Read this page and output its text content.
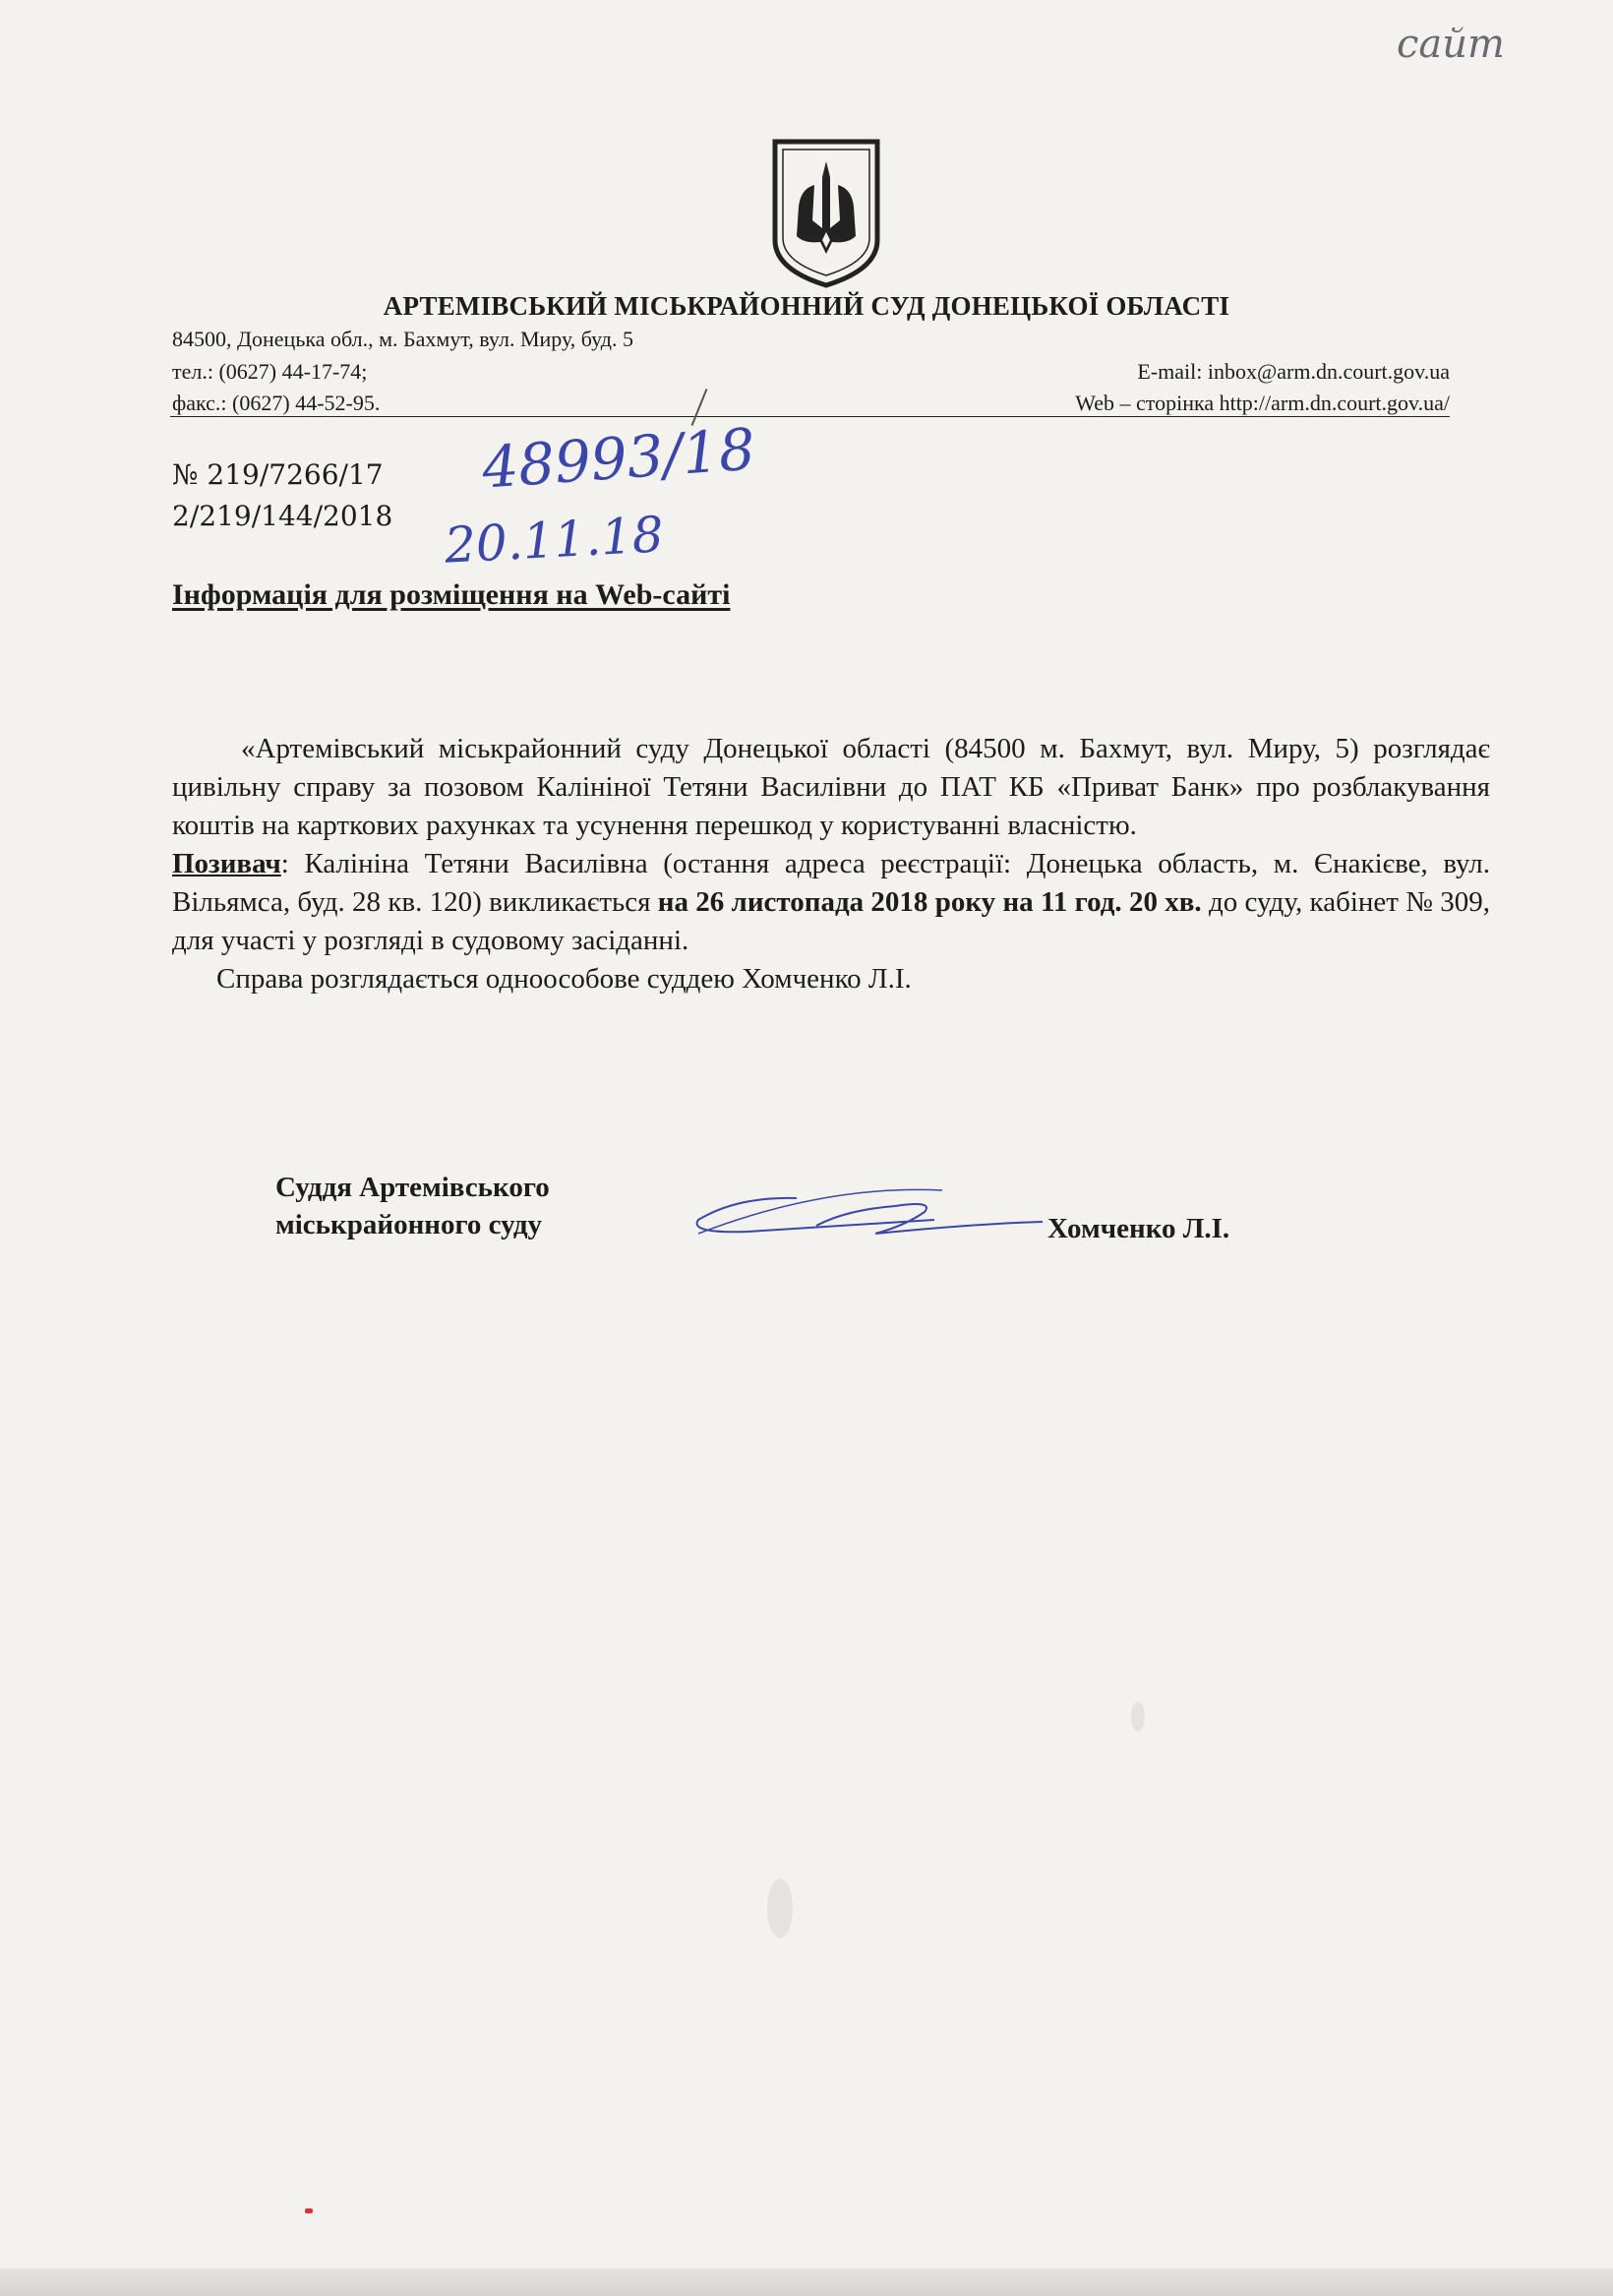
сайт
АРТЕМІВСЬКИЙ МІСЬКРАЙОННИЙ СУД ДОНЕЦЬКОЇ ОБЛАСТІ
84500, Донецька обл., м. Бахмут, вул. Миру, буд. 5
тел.: (0627) 44-17-74;
факс.: (0627) 44-52-95.
E-mail: inbox@arm.dn.court.gov.ua
Web – сторінка http://arm.dn.court.gov.ua/
№ 219/7266/17
2/219/144/2018
48993/18
20.11.18
Інформація для розміщення на Web-сайті

«Артемівський міськрайонний суду Донецької області (84500 м. Бахмут, вул. Миру, 5) розглядає цивільну справу за позовом Калініної Тетяни Василівни до ПАТ КБ «Приват Банк» про розблакування коштів на карткових рахунках та усунення перешкод у користуванні власністю.

Позивач: Калініна Тетяни Василівна (остання адреса реєстрації: Донецька область, м. Єнакієве, вул. Вільямса, буд. 28 кв. 120) викликається на 26 листопада 2018 року на 11 год. 20 хв. до суду, кабінет № 309, для участі у розгляді в судовому засіданні.

Справа розглядається одноособове суддею Хомченко Л.І.

Суддя Артемівського
міськрайонного суду	Хомченко Л.І.
